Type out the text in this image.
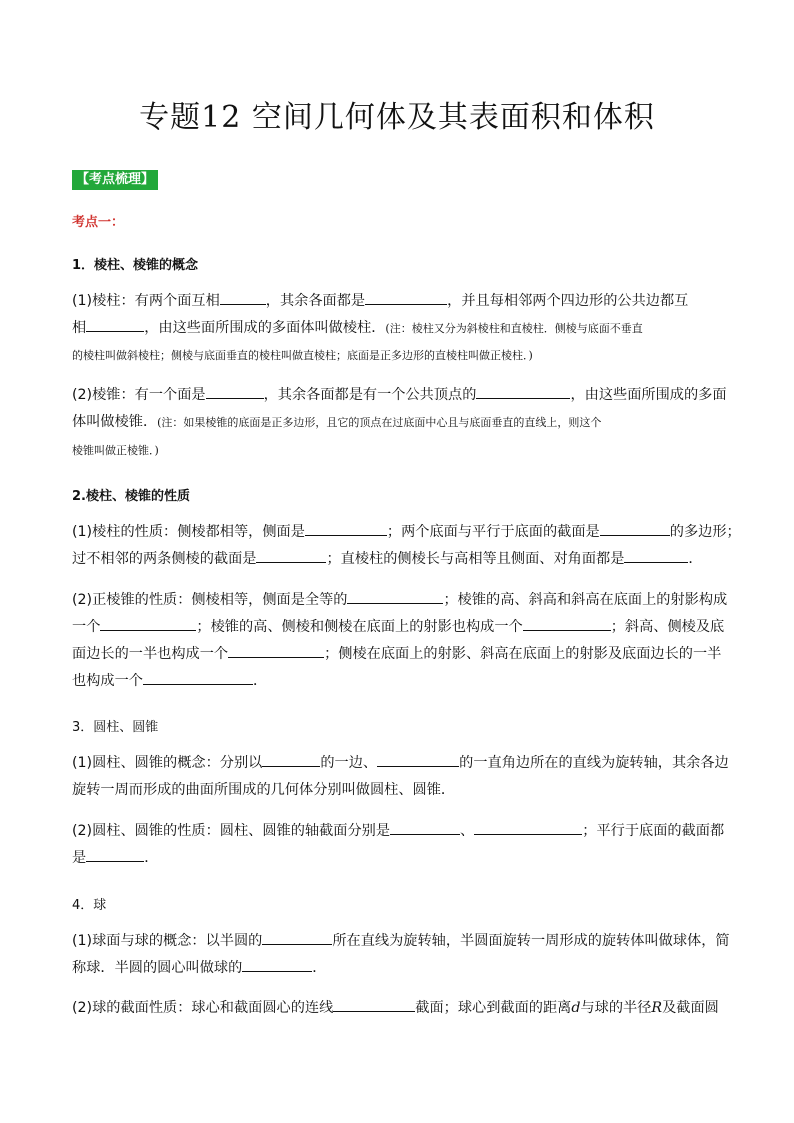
专题12 空间几何体及其表面积和体积
【考点梳理】
考点一：
1．棱柱、棱锥的概念
(1)棱柱：有两个面互相	，其余各面都是	，并且每相邻两个四边形的公共边都互
相	，由这些面所围成的多面体叫做棱柱．(注：棱柱又分为斜棱柱和直棱柱．侧棱与底面不垂直
的棱柱叫做斜棱柱；侧棱与底面垂直的棱柱叫做直棱柱；底面是正多边形的直棱柱叫做正棱柱．)
(2)棱锥：有一个面是	，其余各面都是有一个公共顶点的	，由这些面所围成的多面
体叫做棱锥．(注：如果棱锥的底面是正多边形，且它的顶点在过底面中心且与底面垂直的直线上，则这个
棱锥叫做正棱锥．)
2.棱柱、棱锥的性质
(1)棱柱的性质：侧棱都相等，侧面是	；两个底面与平行于底面的截面是	的多边形；
过不相邻的两条侧棱的截面是	；直棱柱的侧棱长与高相等且侧面、对角面都是	．
(2)正棱锥的性质：侧棱相等，侧面是全等的	；棱锥的高、斜高和斜高在底面上的射影构成
一个	；棱锥的高、侧棱和侧棱在底面上的射影也构成一个	；斜高、侧棱及底
面边长的一半也构成一个	；侧棱在底面上的射影、斜高在底面上的射影及底面边长的一半
也构成一个	．
3．圆柱、圆锥
(1)圆柱、圆锥的概念：分别以	的一边、	的一直角边所在的直线为旋转轴，其余各边
旋转一周而形成的曲面所围成的几何体分别叫做圆柱、圆锥．
(2)圆柱、圆锥的性质：圆柱、圆锥的轴截面分别是	、	；平行于底面的截面都
是	．
4．球
(1)球面与球的概念：以半圆的	所在直线为旋转轴，半圆面旋转一周形成的旋转体叫做球体，简
称球．半圆的圆心叫做球的	．
(2)球的截面性质：球心和截面圆心的连线	截面；球心到截面的距离d与球的半径R及截面圆
